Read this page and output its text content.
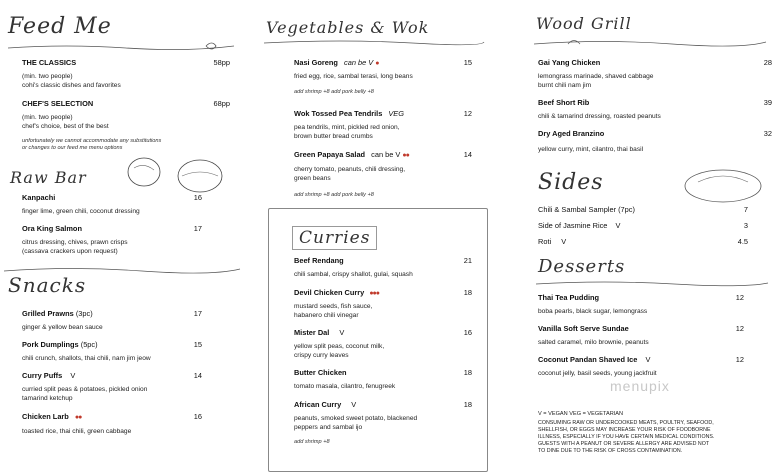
Feed Me
THE CLASSICS	58pp
(min. two people)
cohi's classic dishes and favorites
CHEF'S SELECTION	68pp
(min. two people)
chef's choice, best of the best
unfortunately we cannot accommodate any substitutions
or changes to our feed me menu options
Raw Bar
Kanpachi	16
finger lime, green chili, coconut dressing
Ora King Salmon	17
citrus dressing, chives, prawn crisps
(cassava crackers upon request)
Snacks
Grilled Prawns (3pc)	17
ginger & yellow bean sauce
Pork Dumplings (5pc)	15
chili crunch, shallots, thai chili, nam jim jeow
Curry Puffs V	14
curried split peas & potatoes, pickled onion
tamarind ketchup
Chicken Larb ●●	16
toasted rice, thai chili, green cabbage
Vegetables & Wok
Nasi Goreng can be V ●	15
fried egg, rice, sambal terasi, long beans
add shrimp +8 add pork belly +8
Wok Tossed Pea Tendrils VEG	12
pea tendrils, mint, pickled red onion,
brown butter bread crumbs
Green Papaya Salad can be V ●●	14
cherry tomato, peanuts, chili dressing,
green beans
add shrimp +8 add pork belly +8
Curries
Beef Rendang	21
chili sambal, crispy shallot, gulai, squash
Devil Chicken Curry ●●●	18
mustard seeds, fish sauce,
habanero chili vinegar
Mister Dal V	16
yellow split peas, coconut milk,
crispy curry leaves
Butter Chicken	18
tomato masala, cilantro, fenugreek
African Curry V	18
peanuts, smoked sweet potato, blackened
peppers and sambal ijo
add shrimp +8
Wood Grill
Gai Yang Chicken	28
lemongrass marinade, shaved cabbage
burnt chili nam jim
Beef Short Rib	39
chili & tamarind dressing, roasted peanuts
Dry Aged Branzino	32
yellow curry, mint, cilantro, thai basil
Sides
Chili & Sambal Sampler (7pc)	7
Side of Jasmine Rice V	3
Roti V	4.5
Desserts
Thai Tea Pudding	12
boba pearls, black sugar, lemongrass
Vanilla Soft Serve Sundae	12
salted caramel, milo brownie, peanuts
Coconut Pandan Shaved Ice V	12
coconut jelly, basil seeds, young jackfruit
menupix
V = VEGAN VEG = VEGETARIAN
CONSUMING RAW OR UNDERCOOKED MEATS, POULTRY, SEAFOOD,
SHELLFISH, OR EGGS MAY INCREASE YOUR RISK OF FOODBORNE
ILLNESS, ESPECIALLY IF YOU HAVE CERTAIN MEDICAL CONDITIONS.
GUESTS WITH A PEANUT OR SEVERE ALLERGY ARE ADVISED NOT
TO DINE DUE TO THE RISK OF CROSS CONTAMINATION.
